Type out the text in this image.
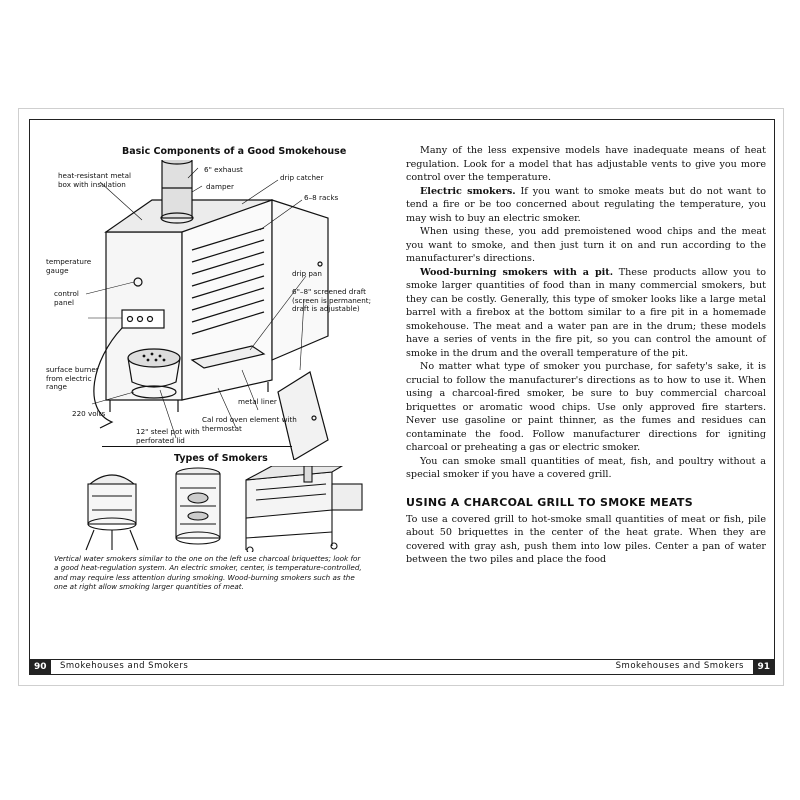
Basic Components of a Good Smokehouse
heat-resistant metal box with insulation
6" exhaust
damper
drip catcher
6–8 racks
temperature gauge
control panel
drip pan
6"–8" screened draft (screen is permanent; draft is adjustable)
surface burner from electric range
metal liner
220 volts
Cal rod oven element with thermostat
12" steel pot with perforated lid
Types of Smokers
Vertical water smokers similar to the one on the left use charcoal briquettes; look for a good heat-regulation system. An electric smoker, center, is temperature-controlled, and may require less attention during smoking. Wood-burning smokers such as the one at right allow smoking larger quantities of meat.

Many of the less expensive models have inadequate means of heat regulation. Look for a model that has adjustable vents to give you more control over the temperature.

Electric smokers. If you want to smoke meats but do not want to tend a fire or be too concerned about regulating the temperature, you may wish to buy an electric smoker.

When using these, you add premoistened wood chips and the meat you want to smoke, and then just turn it on and run according to the manufacturer's directions.

Wood-burning smokers with a pit. These products allow you to smoke larger quantities of food than in many commercial smokers, but they can be costly. Generally, this type of smoker looks like a large metal barrel with a firebox at the bottom similar to a fire pit in a homemade smokehouse. The meat and a water pan are in the drum; these models have a series of vents in the fire pit, so you can control the amount of smoke in the drum and the overall temperature of the pit.

No matter what type of smoker you purchase, for safety's sake, it is crucial to follow the manufacturer's directions as to how to use it. When using a charcoal-fired smoker, be sure to buy commercial charcoal briquettes or aromatic wood chips. Use only approved fire starters. Never use gasoline or paint thinner, as the fumes and residues can contaminate the food. Follow manufacturer directions for igniting charcoal or preheating a gas or electric smoker.

You can smoke small quantities of meat, fish, and poultry without a special smoker if you have a covered grill.

USING A CHARCOAL GRILL TO SMOKE MEATS

To use a covered grill to hot-smoke small quantities of meat or fish, pile about 50 briquettes in the center of the heat grate. When they are covered with gray ash, push them into low piles. Center a pan of water between the two piles and place the food

90	Smokehouses and Smokers	Smokehouses and Smokers	91
